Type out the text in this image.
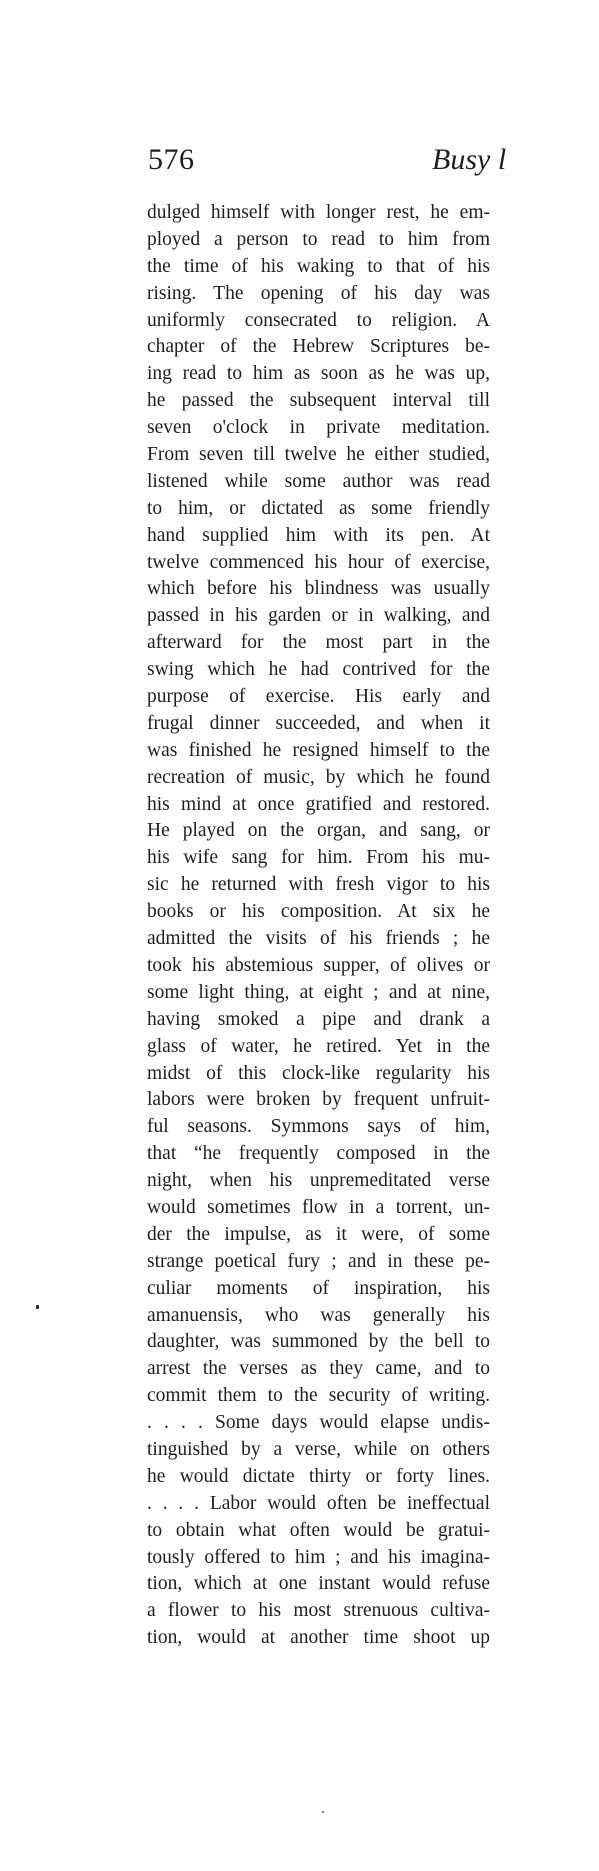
576	Busy l
dulged himself with longer rest, he em-
ployed a person to read to him from
the time of his waking to that of his
rising. The opening of his day was
uniformly consecrated to religion. A
chapter of the Hebrew Scriptures be-
ing read to him as soon as he was up,
he passed the subsequent interval till
seven o'clock in private meditation.
From seven till twelve he either studied,
listened while some author was read
to him, or dictated as some friendly
hand supplied him with its pen. At
twelve commenced his hour of exercise,
which before his blindness was usually
passed in his garden or in walking, and
afterward for the most part in the
swing which he had contrived for the
purpose of exercise. His early and
frugal dinner succeeded, and when it
was finished he resigned himself to the
recreation of music, by which he found
his mind at once gratified and restored.
He played on the organ, and sang, or
his wife sang for him. From his mu-
sic he returned with fresh vigor to his
books or his composition. At six he
admitted the visits of his friends ; he
took his abstemious supper, of olives or
some light thing, at eight ; and at nine,
having smoked a pipe and drank a
glass of water, he retired. Yet in the
midst of this clock-like regularity his
labors were broken by frequent unfruit-
ful seasons. Symmons says of him,
that “he frequently composed in the
night, when his unpremeditated verse
would sometimes flow in a torrent, un-
der the impulse, as it were, of some
strange poetical fury ; and in these pe-
culiar moments of inspiration, his
amanuensis, who was generally his
daughter, was summoned by the bell to
arrest the verses as they came, and to
commit them to the security of writing.
. . . . Some days would elapse undis-
tinguished by a verse, while on others
he would dictate thirty or forty lines.
. . . . Labor would often be ineffectual
to obtain what often would be gratui-
tously offered to him ; and his imagina-
tion, which at one instant would refuse
a flower to his most strenuous cultiva-
tion, would at another time shoot up
